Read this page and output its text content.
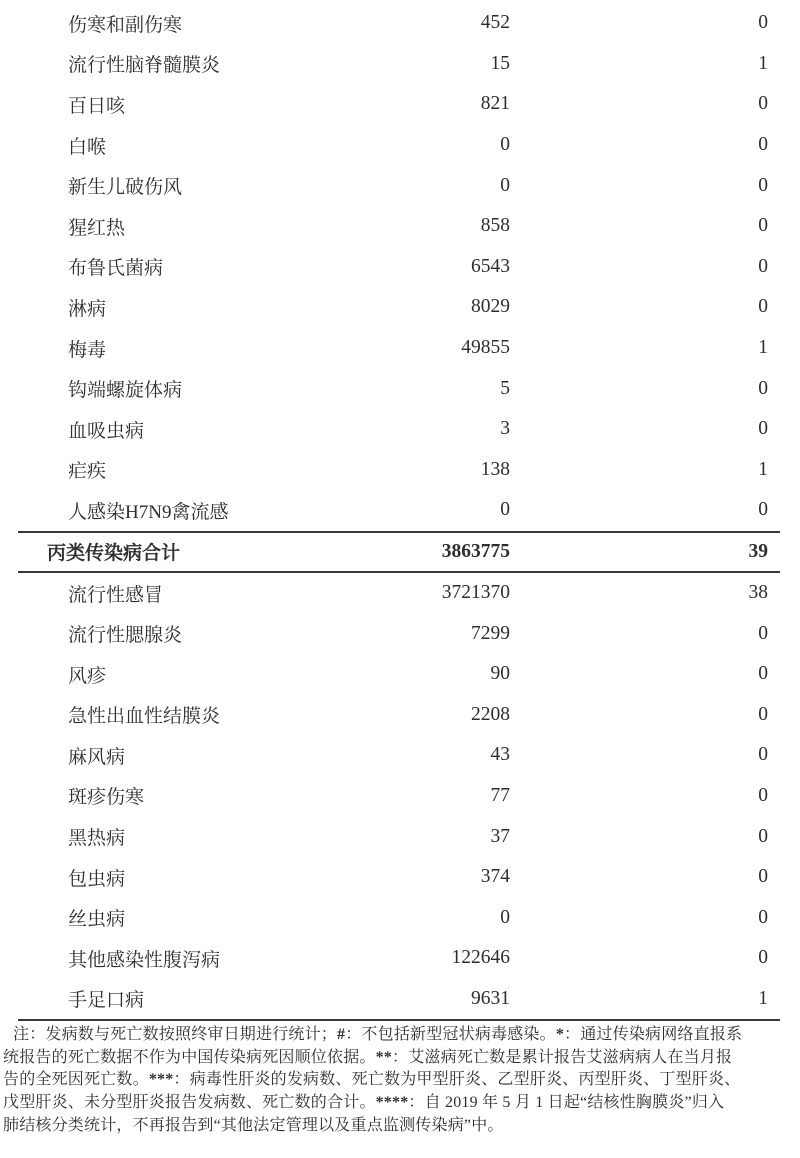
伤寒和副伤寒	452	0
流行性脑脊髓膜炎	15	1
百日咳	821	0
白喉	0	0
新生儿破伤风	0	0
猩红热	858	0
布鲁氏菌病	6543	0
淋病	8029	0
梅毒	49855	1
钩端螺旋体病	5	0
血吸虫病	3	0
疟疾	138	1
人感染H7N9禽流感	0	0
丙类传染病合计	3863775	39
流行性感冒	3721370	38
流行性腮腺炎	7299	0
风疹	90	0
急性出血性结膜炎	2208	0
麻风病	43	0
斑疹伤寒	77	0
黑热病	37	0
包虫病	374	0
丝虫病	0	0
其他感染性腹泻病	122646	0
手足口病	9631	1
注：发病数与死亡数按照终审日期进行统计；#：不包括新型冠状病毒感染。*：通过传染病网络直报系
统报告的死亡数据不作为中国传染病死因顺位依据。**：艾滋病死亡数是累计报告艾滋病病人在当月报
告的全死因死亡数。***：病毒性肝炎的发病数、死亡数为甲型肝炎、乙型肝炎、丙型肝炎、丁型肝炎、
戊型肝炎、未分型肝炎报告发病数、死亡数的合计。****：自 2019 年 5 月 1 日起“结核性胸膜炎”归入
肺结核分类统计，不再报告到“其他法定管理以及重点监测传染病”中。
